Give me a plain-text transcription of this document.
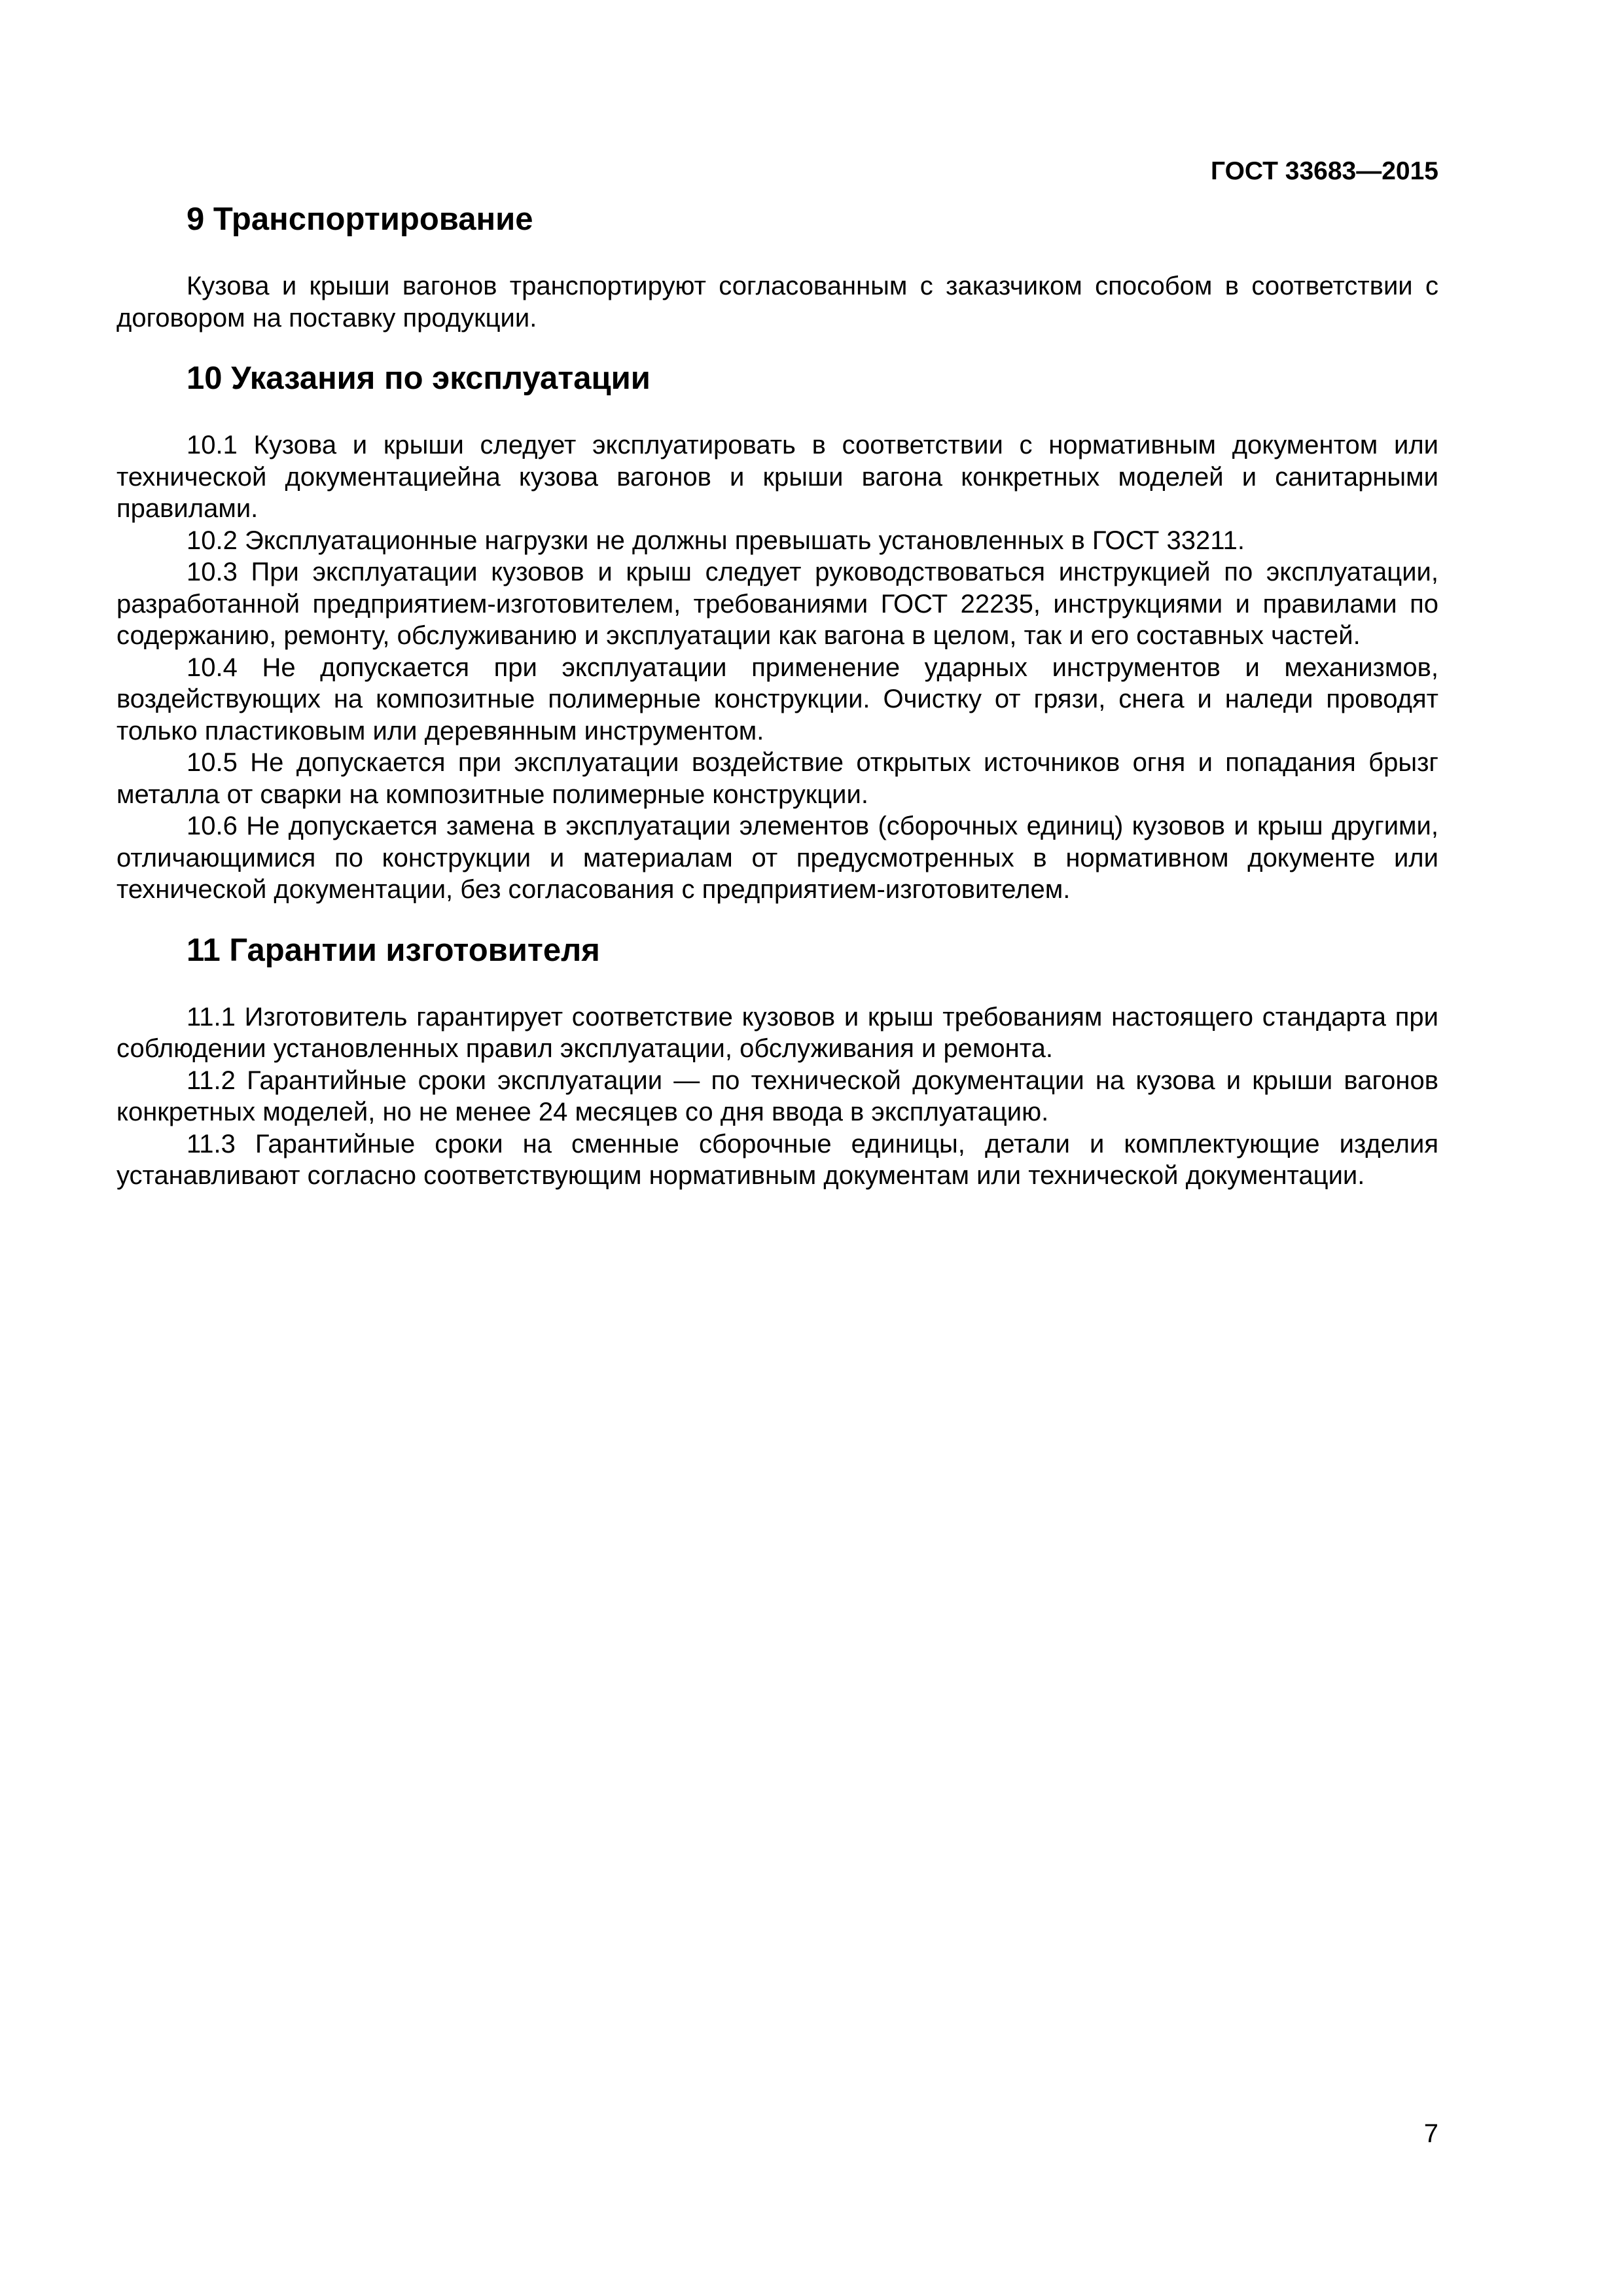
ГОСТ 33683—2015
9 Транспортирование

Кузова и крыши вагонов транспортируют согласованным с заказчиком способом в соответствии с договором на поставку продукции.

10 Указания по эксплуатации

10.1 Кузова и крыши следует эксплуатировать в соответствии с нормативным документом или технической документациейна кузова вагонов и крыши вагона конкретных моделей и санитарными правилами.

10.2 Эксплуатационные нагрузки не должны превышать установленных в ГОСТ 33211.

10.3 При эксплуатации кузовов и крыш следует руководствоваться инструкцией по эксплуатации, разработанной предприятием-изготовителем, требованиями ГОСТ 22235, инструкциями и правилами по содержанию, ремонту, обслуживанию и эксплуатации как вагона в целом, так и его составных частей.

10.4 Не допускается при эксплуатации применение ударных инструментов и механизмов, воздействующих на композитные полимерные конструкции. Очистку от грязи, снега и наледи проводят только пластиковым или деревянным инструментом.

10.5 Не допускается при эксплуатации воздействие открытых источников огня и попадания брызг металла от сварки на композитные полимерные конструкции.

10.6 Не допускается замена в эксплуатации элементов (сборочных единиц) кузовов и крыш другими, отличающимися по конструкции и материалам от предусмотренных в нормативном документе или технической документации, без согласования с предприятием-изготовителем.

11 Гарантии изготовителя

11.1 Изготовитель гарантирует соответствие кузовов и крыш требованиям настоящего стандарта при соблюдении установленных правил эксплуатации, обслуживания и ремонта.

11.2 Гарантийные сроки эксплуатации — по технической документации на кузова и крыши вагонов конкретных моделей, но не менее 24 месяцев со дня ввода в эксплуатацию.

11.3 Гарантийные сроки на сменные сборочные единицы, детали и комплектующие изделия устанавливают согласно соответствующим нормативным документам или технической документации.

7
